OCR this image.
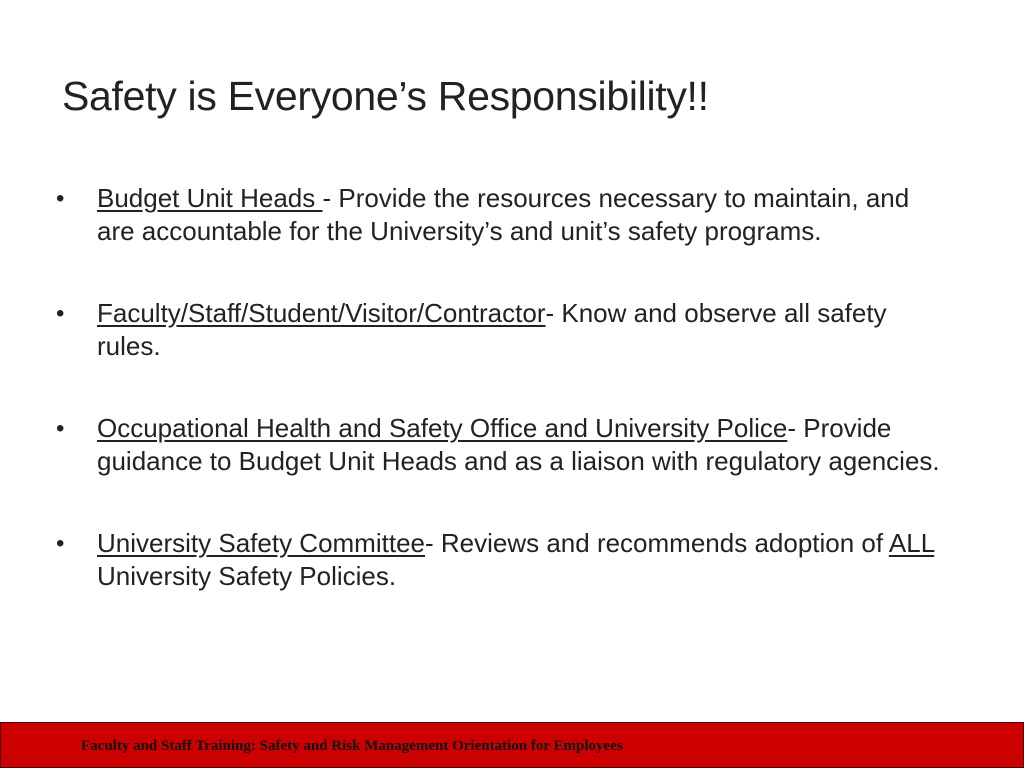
Safety is Everyone’s Responsibility!!
• Budget Unit Heads - Provide the resources necessary to maintain, and are accountable for the University’s and unit’s safety programs.
• Faculty/Staff/Student/Visitor/Contractor- Know and observe all safety rules.
• Occupational Health and Safety Office and University Police- Provide guidance to Budget Unit Heads and as a liaison with regulatory agencies.
• University Safety Committee- Reviews and recommends adoption of ALL University Safety Policies.
Faculty and Staff Training: Safety and Risk Management Orientation for Employees
